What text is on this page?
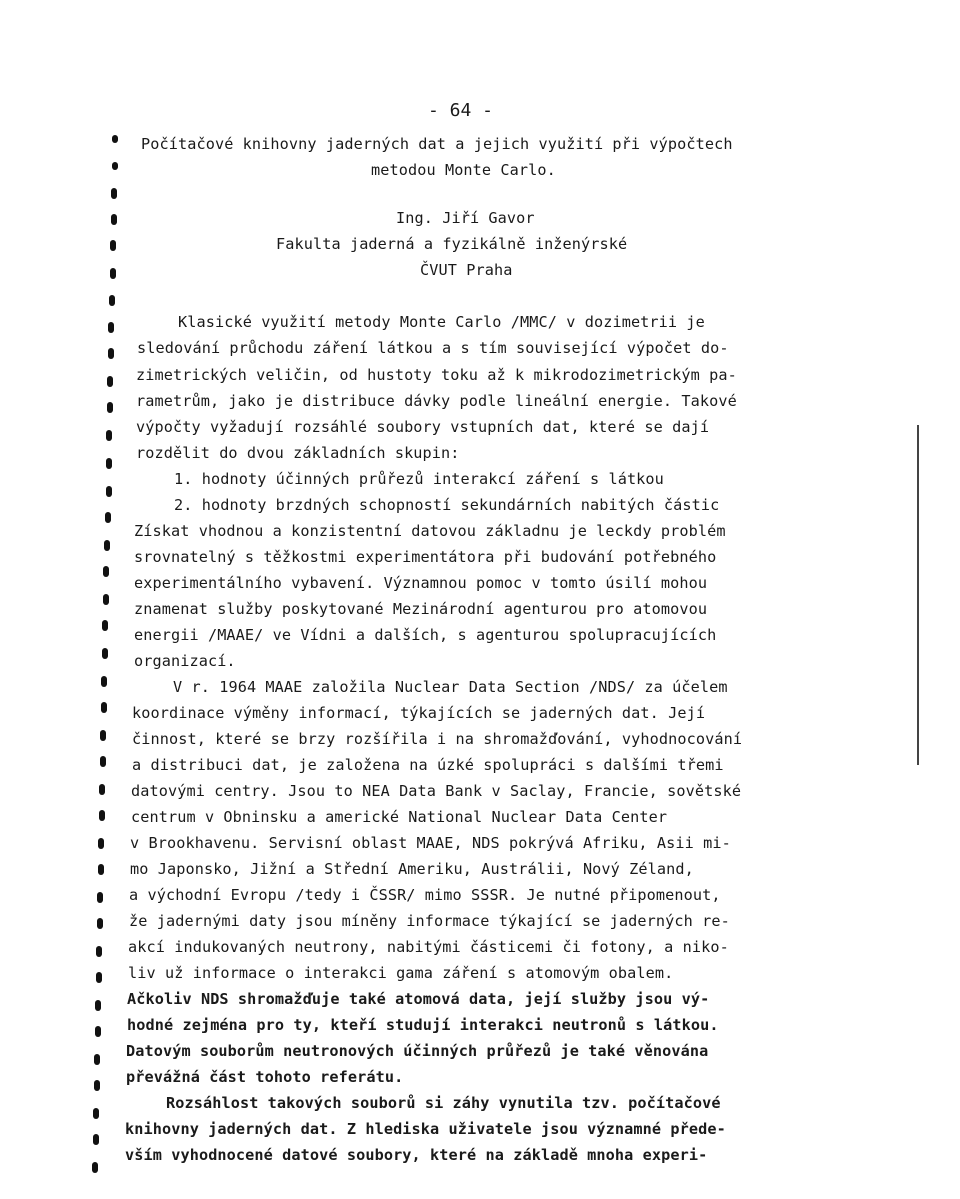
- 64 -
Počítačové knihovny jaderných dat a jejich využití při výpočtech
metodou Monte Carlo.
Ing. Jiří Gavor
Fakulta jaderná a fyzikálně inženýrské
ČVUT Praha
Klasické využití metody Monte Carlo /MMC/ v dozimetrii je
sledování průchodu záření látkou a s tím související výpočet do-
zimetrických veličin, od hustoty toku až k mikrodozimetrickým pa-
rametrům, jako je distribuce dávky podle lineální energie. Takové
výpočty vyžadují rozsáhlé soubory vstupních dat, které se dají
rozdělit do dvou základních skupin:
1. hodnoty účinných průřezů interakcí záření s látkou
2. hodnoty brzdných schopností sekundárních nabitých částic
Získat vhodnou a konzistentní datovou základnu je leckdy problém
srovnatelný s těžkostmi experimentátora při budování potřebného
experimentálního vybavení. Významnou pomoc v tomto úsilí mohou
znamenat služby poskytované Mezinárodní agenturou pro atomovou
energii /MAAE/ ve Vídni a dalších, s agenturou spolupracujících
organizací.
V r. 1964 MAAE založila Nuclear Data Section /NDS/ za účelem
koordinace výměny informací, týkajících se jaderných dat. Její
činnost, které se brzy rozšířila i na shromažďování, vyhodnocování
a distribuci dat, je založena na úzké spolupráci s dalšími třemi
datovými centry. Jsou to NEA Data Bank v Saclay, Francie, sovětské
centrum v Obninsku a americké National Nuclear Data Center
v Brookhavenu. Servisní oblast MAAE, NDS pokrývá Afriku, Asii mi-
mo Japonsko, Jižní a Střední Ameriku, Austrálii, Nový Zéland,
a východní Evropu /tedy i ČSSR/ mimo SSSR. Je nutné připomenout,
že jadernými daty jsou míněny informace týkající se jaderných re-
akcí indukovaných neutrony, nabitými částicemi či fotony, a niko-
liv už informace o interakci gama záření s atomovým obalem.
Ačkoliv NDS shromažďuje také atomová data, její služby jsou vý-
hodné zejména pro ty, kteří studují interakci neutronů s látkou.
Datovým souborům neutronových účinných průřezů je také věnována
převážná část tohoto referátu.
Rozsáhlost takových souborů si záhy vynutila tzv. počítačové
knihovny jaderných dat. Z hlediska uživatele jsou významné přede-
vším vyhodnocené datové soubory, které na základě mnoha experi-
